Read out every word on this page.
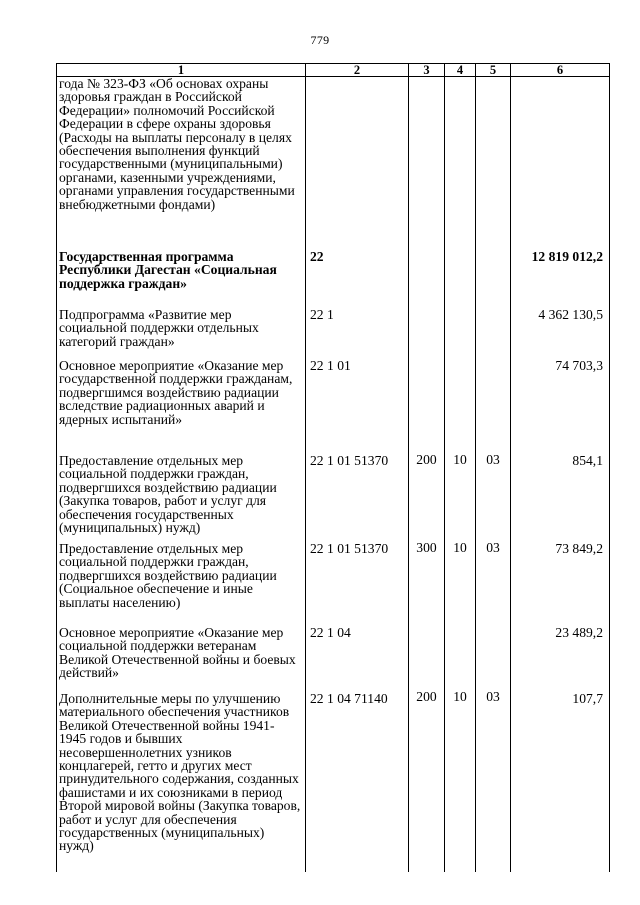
779
1	2	3	4	5	6
года № 323-ФЗ «Об основах охраны здоровья граждан в Российской Федерации» полномочий Российской Федерации в сфере охраны здоровья (Расходы на выплаты персоналу в целях обеспечения выполнения функций государственными (муниципальными) органами, казенными учреждениями, органами управления государственными внебюджетными фондами)					
Государственная программа Республики Дагестан «Социальная поддержка граждан»	22				12 819 012,2
Подпрограмма «Развитие мер социальной поддержки отдельных категорий граждан»	22 1				4 362 130,5
Основное мероприятие «Оказание мер государственной поддержки гражданам, подвергшимся воздействию радиации вследствие радиационных аварий и ядерных испытаний»	22 1 01				74 703,3
Предоставление отдельных мер социальной поддержки граждан, подвергшихся воздействию радиации (Закупка товаров, работ и услуг для обеспечения государственных (муниципальных) нужд)	22 1 01 51370	200	10	03	854,1
Предоставление отдельных мер социальной поддержки граждан, подвергшихся воздействию радиации (Социальное обеспечение и иные выплаты населению)	22 1 01 51370	300	10	03	73 849,2
Основное мероприятие «Оказание мер социальной поддержки ветеранам Великой Отечественной войны и боевых действий»	22 1 04				23 489,2
Дополнительные меры по улучшению материального обеспечения участников Великой Отечественной войны 1941-1945 годов и бывших несовершеннолетних узников концлагерей, гетто и других мест принудительного содержания, созданных фашистами и их союзниками в период Второй мировой войны (Закупка товаров, работ и услуг для обеспечения государственных (муниципальных) нужд)	22 1 04 71140	200	10	03	107,7
